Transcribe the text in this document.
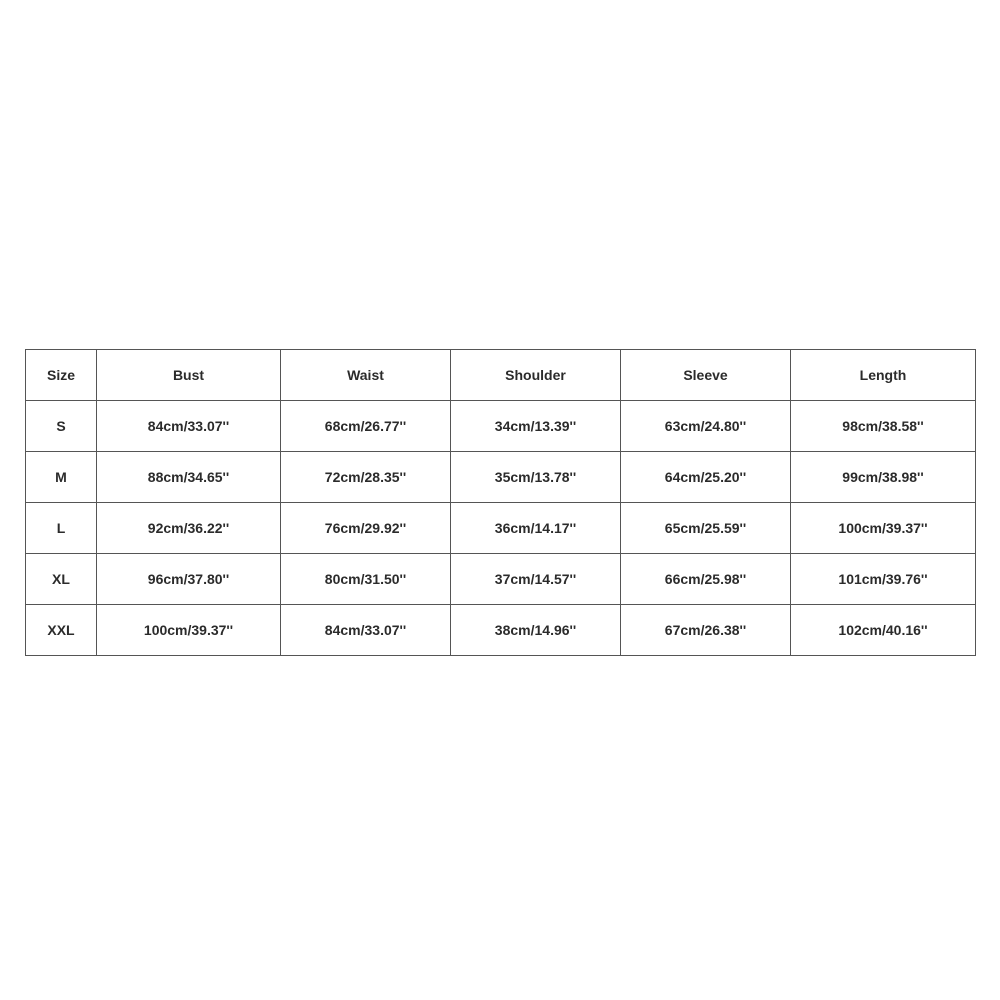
Size	Bust	Waist	Shoulder	Sleeve	Length
S	84cm/33.07''	68cm/26.77''	34cm/13.39''	63cm/24.80''	98cm/38.58''
M	88cm/34.65''	72cm/28.35''	35cm/13.78''	64cm/25.20''	99cm/38.98''
L	92cm/36.22''	76cm/29.92''	36cm/14.17''	65cm/25.59''	100cm/39.37''
XL	96cm/37.80''	80cm/31.50''	37cm/14.57''	66cm/25.98''	101cm/39.76''
XXL	100cm/39.37''	84cm/33.07''	38cm/14.96''	67cm/26.38''	102cm/40.16''
